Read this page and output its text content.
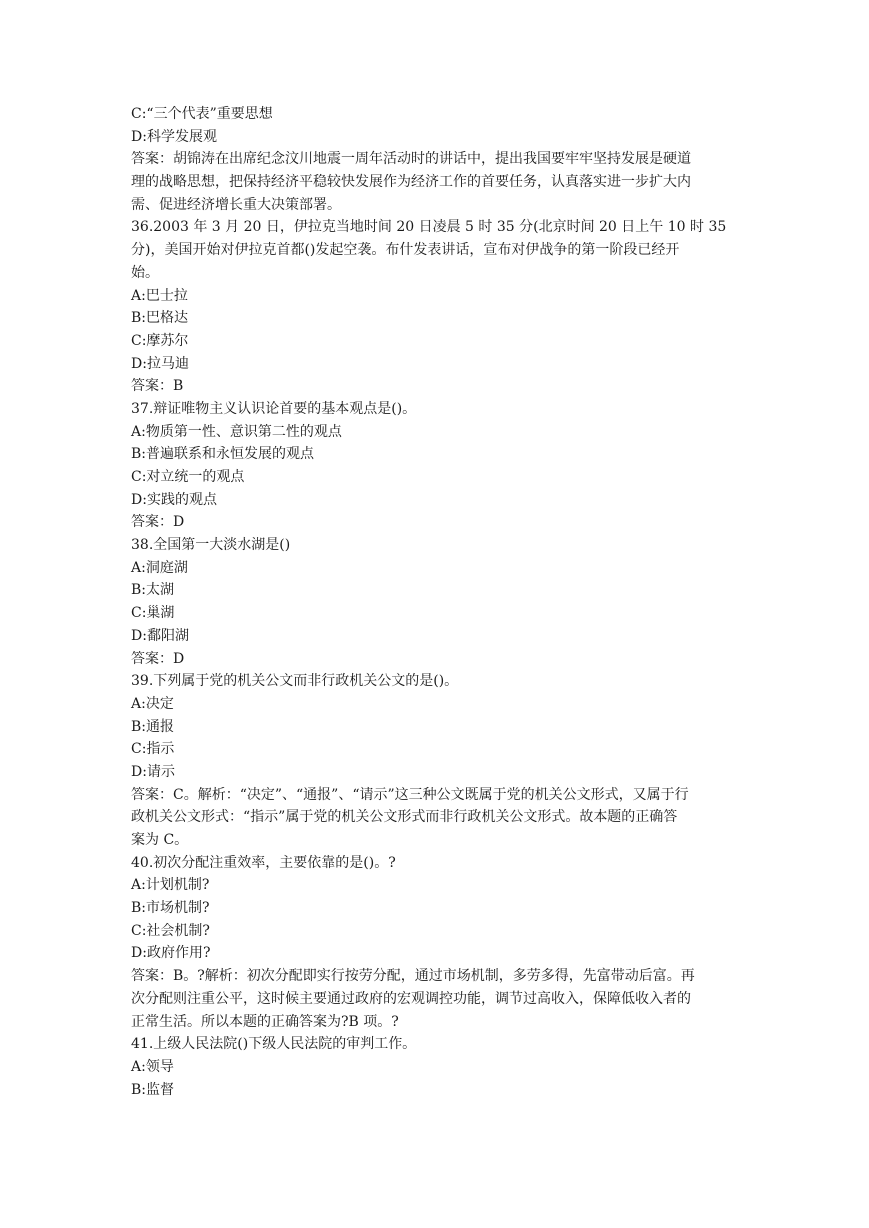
C:“三个代表”重要思想
D:科学发展观
答案：胡锦涛在出席纪念汶川地震一周年活动时的讲话中，提出我国要牢牢坚持发展是硬道
理的战略思想，把保持经济平稳较快发展作为经济工作的首要任务，认真落实进一步扩大内
需、促进经济增长重大决策部署。
36.2003 年 3 月 20 日，伊拉克当地时间 20 日凌晨 5 时 35 分(北京时间 20 日上午 10 时 35
分)，美国开始对伊拉克首都()发起空袭。布什发表讲话，宣布对伊战争的第一阶段已经开
始。
A:巴士拉
B:巴格达
C:摩苏尔
D:拉马迪
答案：B
37.辩证唯物主义认识论首要的基本观点是()。
A:物质第一性、意识第二性的观点
B:普遍联系和永恒发展的观点
C:对立统一的观点
D:实践的观点
答案：D
38.全国第一大淡水湖是()
A:洞庭湖
B:太湖
C:巢湖
D:鄱阳湖
答案：D
39.下列属于党的机关公文而非行政机关公文的是()。
A:决定
B:通报
C:指示
D:请示
答案：C。解析：“决定”、“通报”、“请示”这三种公文既属于党的机关公文形式，又属于行
政机关公文形式：“指示”属于党的机关公文形式而非行政机关公文形式。故本题的正确答
案为 C。
40.初次分配注重效率，主要依靠的是()。?
A:计划机制?
B:市场机制?
C:社会机制?
D:政府作用?
答案：B。?解析：初次分配即实行按劳分配，通过市场机制，多劳多得，先富带动后富。再
次分配则注重公平，这时候主要通过政府的宏观调控功能，调节过高收入，保障低收入者的
正常生活。所以本题的正确答案为?B 项。?
41.上级人民法院()下级人民法院的审判工作。
A:领导
B:监督
